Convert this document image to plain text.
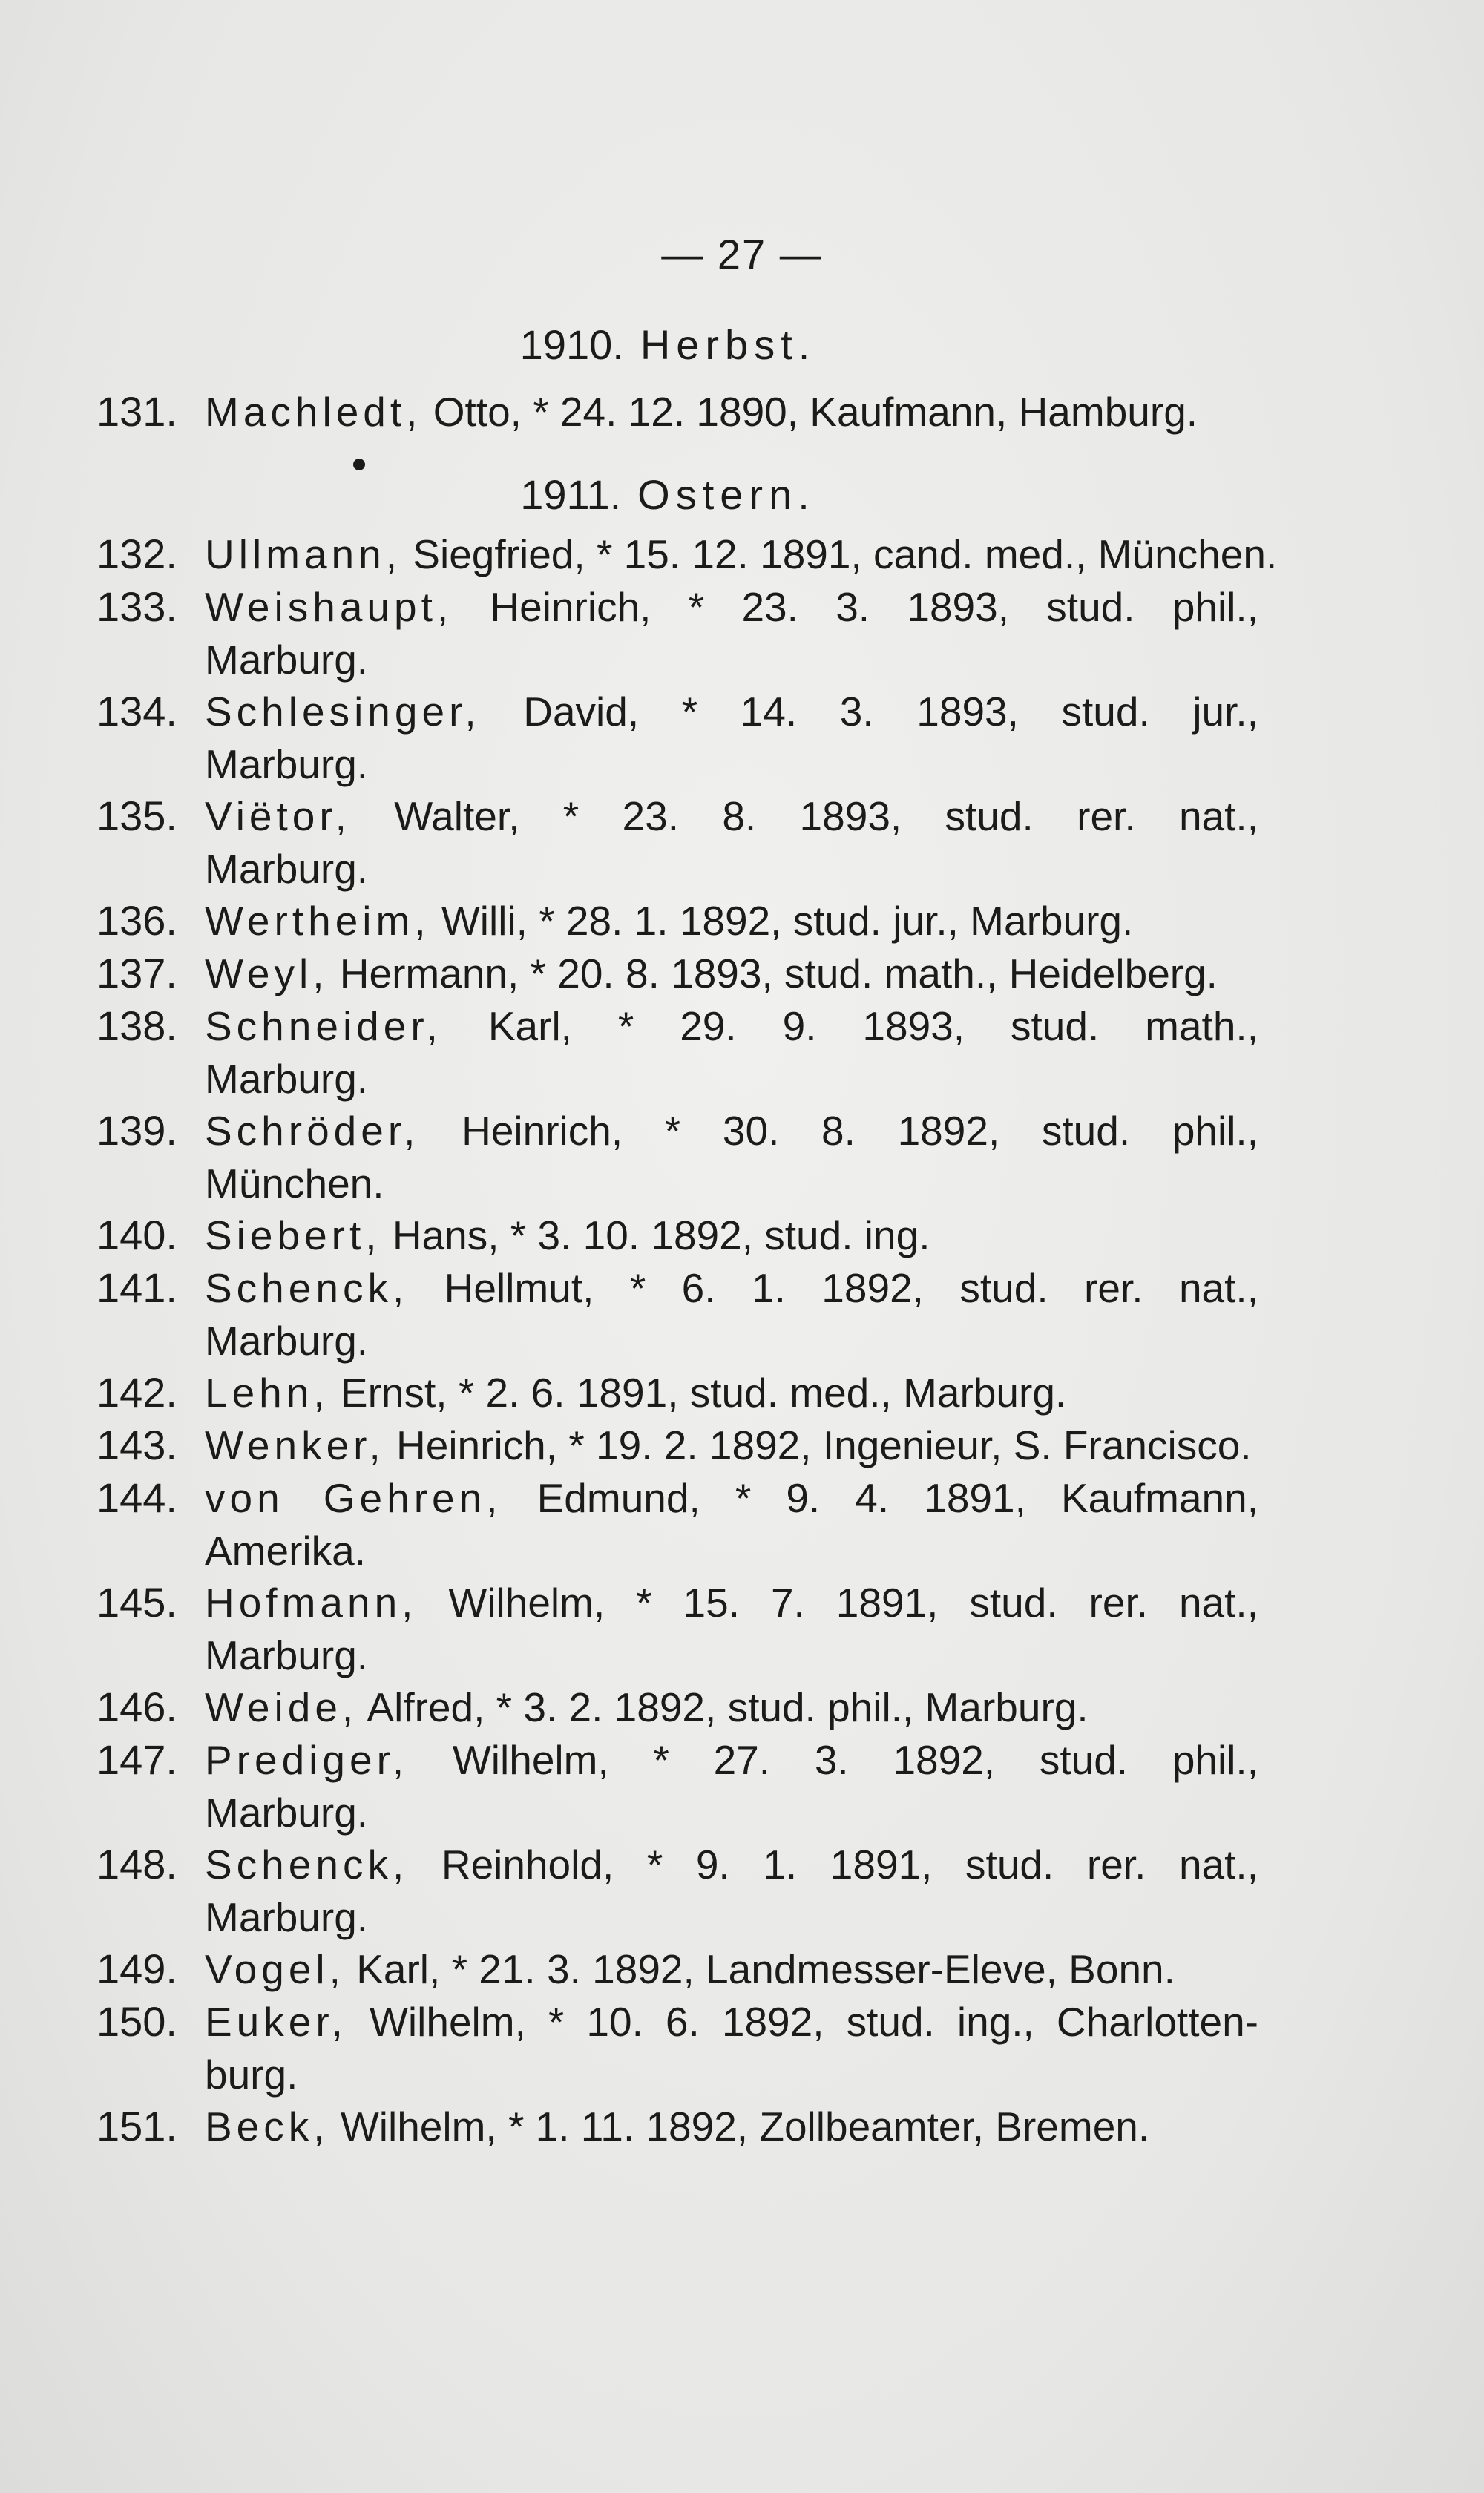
— 27 —
1910. Herbst.
1911. Ostern.
131. Machledt, Otto, * 24. 12. 1890, Kaufmann, Hamburg.
132. Ullmann, Siegfried, * 15. 12. 1891, cand. med., München.
133. Weishaupt, Heinrich, * 23. 3. 1893, stud. phil.,
Marburg.
134. Schlesinger, David, * 14. 3. 1893, stud. jur.,
Marburg.
135. Viëtor, Walter, * 23. 8. 1893, stud. rer. nat.,
Marburg.
136. Wertheim, Willi, * 28. 1. 1892, stud. jur., Marburg.
137. Weyl, Hermann, * 20. 8. 1893, stud. math., Heidelberg.
138. Schneider, Karl, * 29. 9. 1893, stud. math.,
Marburg.
139. Schröder, Heinrich, * 30. 8. 1892, stud. phil.,
München.
140. Siebert, Hans, * 3. 10. 1892, stud. ing.
141. Schenck, Hellmut, * 6. 1. 1892, stud. rer. nat.,
Marburg.
142. Lehn, Ernst, * 2. 6. 1891, stud. med., Marburg.
143. Wenker, Heinrich, * 19. 2. 1892, Ingenieur, S. Francisco.
144. von Gehren, Edmund, * 9. 4. 1891, Kaufmann,
Amerika.
145. Hofmann, Wilhelm, * 15. 7. 1891, stud. rer. nat.,
Marburg.
146. Weide, Alfred, * 3. 2. 1892, stud. phil., Marburg.
147. Prediger, Wilhelm, * 27. 3. 1892, stud. phil.,
Marburg.
148. Schenck, Reinhold, * 9. 1. 1891, stud. rer. nat.,
Marburg.
149. Vogel, Karl, * 21. 3. 1892, Landmesser-Eleve, Bonn.
150. Euker, Wilhelm, * 10. 6. 1892, stud. ing., Charlotten-
burg.
151. Beck, Wilhelm, * 1. 11. 1892, Zollbeamter, Bremen.
